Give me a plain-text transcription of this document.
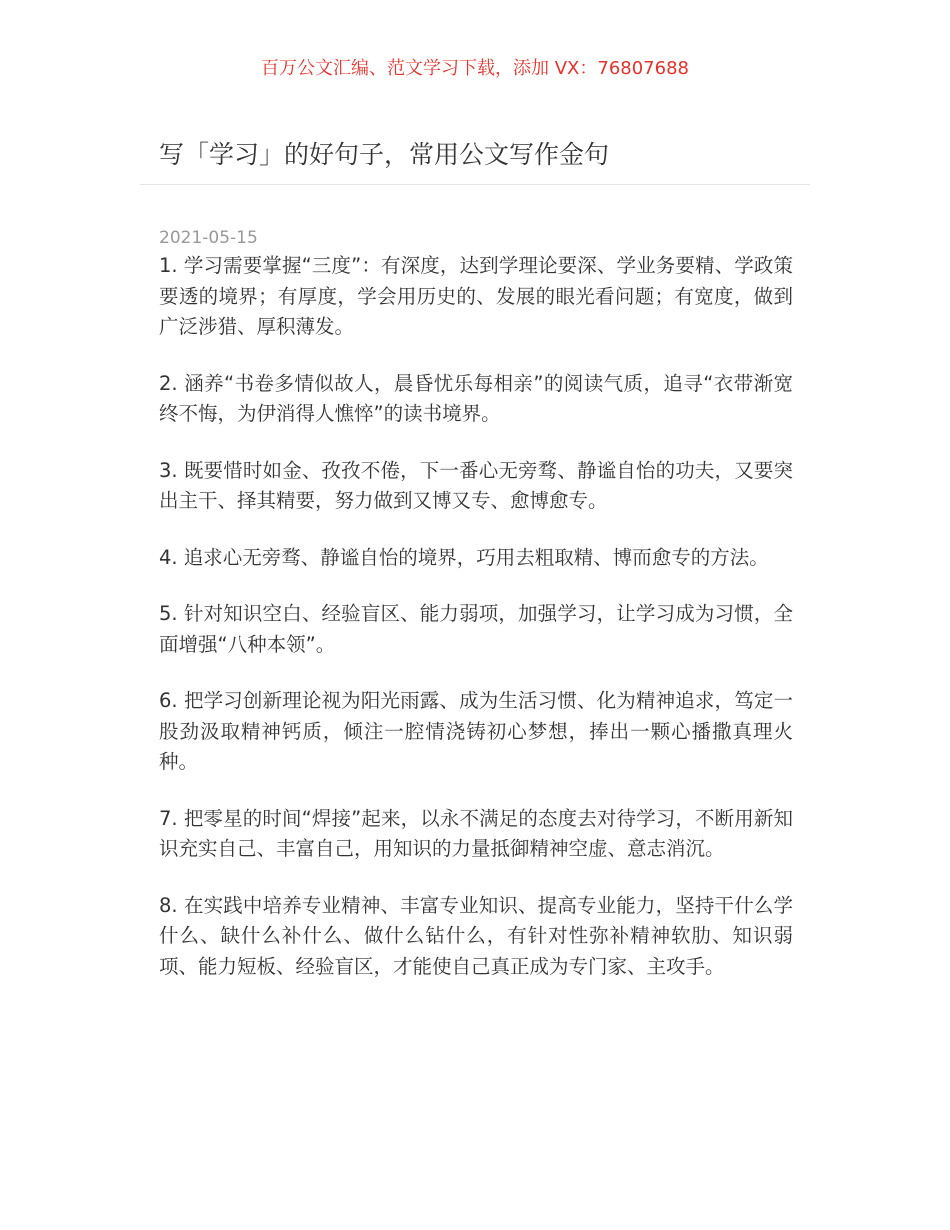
百万公文汇编、范文学习下载，添加 VX：76807688
写「学习」的好句子，常用公文写作金句
2021-05-15

1. 学习需要掌握“三度”：有深度，达到学理论要深、学业务要精、学政策要透的境界；有厚度，学会用历史的、发展的眼光看问题；有宽度，做到广泛涉猎、厚积薄发。

2. 涵养“书卷多情似故人，晨昏忧乐每相亲”的阅读气质，追寻“衣带渐宽终不悔，为伊消得人憔悴”的读书境界。

3. 既要惜时如金、孜孜不倦，下一番心无旁骛、静谧自怡的功夫，又要突出主干、择其精要，努力做到又博又专、愈博愈专。

4. 追求心无旁骛、静谧自怡的境界，巧用去粗取精、博而愈专的方法。

5. 针对知识空白、经验盲区、能力弱项，加强学习，让学习成为习惯，全面增强“八种本领”。

6. 把学习创新理论视为阳光雨露、成为生活习惯、化为精神追求，笃定一股劲汲取精神钙质，倾注一腔情浇铸初心梦想，捧出一颗心播撒真理火种。

7. 把零星的时间“焊接”起来，以永不满足的态度去对待学习，不断用新知识充实自己、丰富自己，用知识的力量抵御精神空虚、意志消沉。

8. 在实践中培养专业精神、丰富专业知识、提高专业能力，坚持干什么学什么、缺什么补什么、做什么钻什么，有针对性弥补精神软肋、知识弱项、能力短板、经验盲区，才能使自己真正成为专门家、主攻手。
